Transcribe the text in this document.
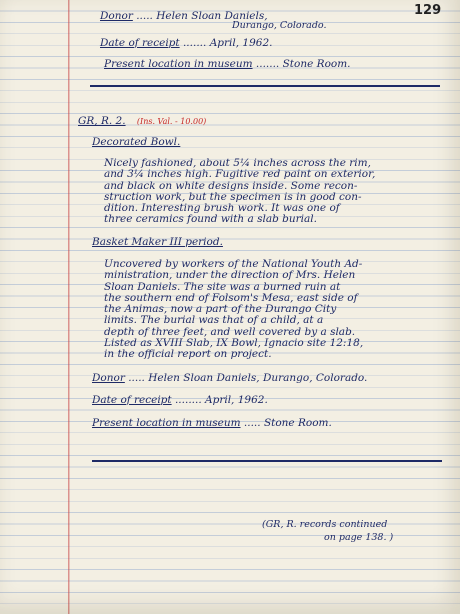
129
Donor ..... Helen Sloan Daniels,
Durango, Colorado.
Date of receipt ....... April, 1962.
Present location in museum ....... Stone Room.
GR, R. 2. (Ins. Val. - 10.00)
Decorated Bowl.
Nicely fashioned, about 5¼ inches across the rim,
and 3¼ inches high. Fugitive red paint on exterior,
and black on white designs inside. Some recon-
struction work, but the specimen is in good con-
dition. Interesting brush work. It was one of
three ceramics found with a slab burial.
Basket Maker III period.
Uncovered by workers of the National Youth Ad-
ministration, under the direction of Mrs. Helen
Sloan Daniels. The site was a burned ruin at
the southern end of Folsom's Mesa, east side of
the Animas, now a part of the Durango City
limits. The burial was that of a child, at a
depth of three feet, and well covered by a slab.
Listed as XVIII Slab, IX Bowl, Ignacio site 12:18,
in the official report on project.
Donor ..... Helen Sloan Daniels, Durango, Colorado.
Date of receipt ........ April, 1962.
Present location in museum ..... Stone Room.
(GR, R. records continued
on page 138. )
